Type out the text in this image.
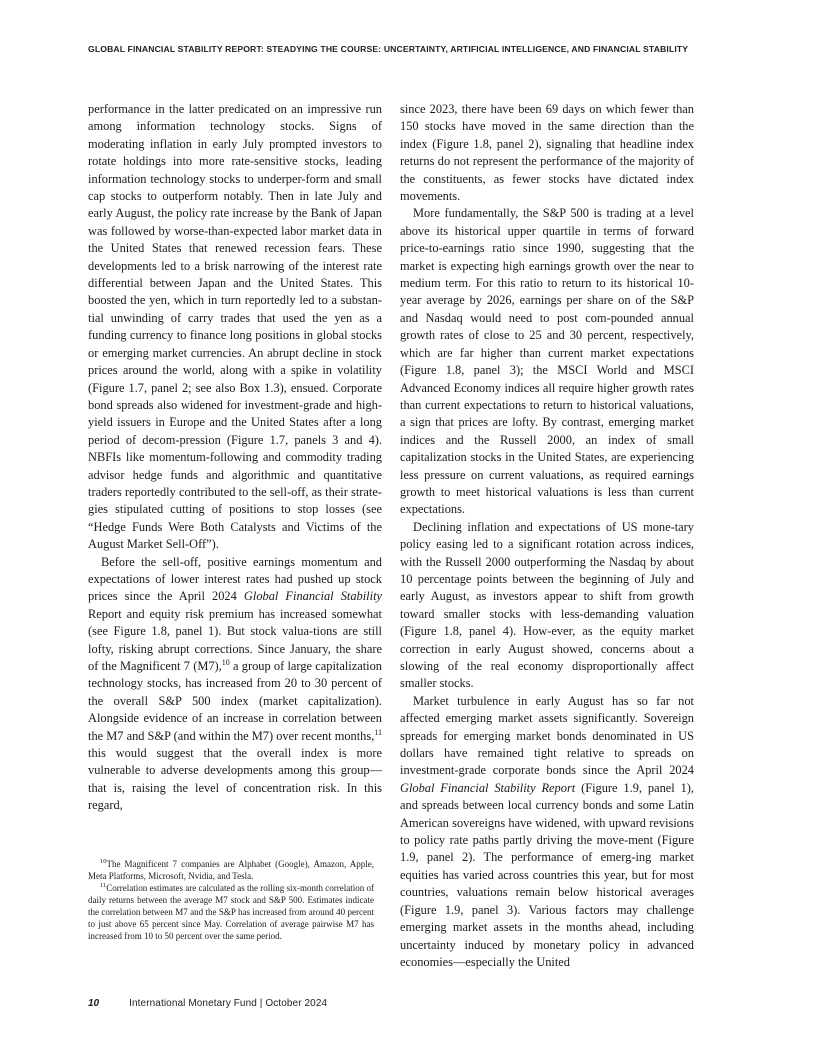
GLOBAL FINANCIAL STABILITY REPORT: STEADYING THE COURSE: UNCERTAINTY, ARTIFICIAL INTELLIGENCE, AND FINANCIAL STABILITY

performance in the latter predicated on an impressive run among information technology stocks. Signs of moderating inflation in early July prompted investors to rotate holdings into more rate-sensitive stocks, leading information technology stocks to underper-form and small cap stocks to outperform notably. Then in late July and early August, the policy rate increase by the Bank of Japan was followed by worse-than-expected labor market data in the United States that renewed recession fears. These developments led to a brisk narrowing of the interest rate differential between Japan and the United States. This boosted the yen, which in turn reportedly led to a substan-tial unwinding of carry trades that used the yen as a funding currency to finance long positions in global stocks or emerging market currencies. An abrupt decline in stock prices around the world, along with a spike in volatility (Figure 1.7, panel 2; see also Box 1.3), ensued. Corporate bond spreads also widened for investment-grade and high-yield issuers in Europe and the United States after a long period of decom-pression (Figure 1.7, panels 3 and 4). NBFIs like momentum-following and commodity trading advisor hedge funds and algorithmic and quantitative traders reportedly contributed to the sell-off, as their strate-gies stipulated cutting of positions to stop losses (see “Hedge Funds Were Both Catalysts and Victims of the August Market Sell-Off”).

Before the sell-off, positive earnings momentum and expectations of lower interest rates had pushed up stock prices since the April 2024 Global Financial Stability Report and equity risk premium has increased somewhat (see Figure 1.8, panel 1). But stock valua-tions are still lofty, risking abrupt corrections. Since January, the share of the Magnificent 7 (M7),$^{10}$ a group of large capitalization technology stocks, has increased from 20 to 30 percent of the overall S&P 500 index (market capitalization). Alongside evidence of an increase in correlation between the M7 and S&P (and within the M7) over recent months,$^{11}$ this would suggest that the overall index is more vulnerable to adverse developments among this group—that is, raising the level of concentration risk. In this regard,

$^{10}$The Magnificent 7 companies are Alphabet (Google), Amazon, Apple, Meta Platforms, Microsoft, Nvidia, and Tesla.

$^{11}$Correlation estimates are calculated as the rolling six-month correlation of daily returns between the average M7 stock and S&P 500. Estimates indicate the correlation between M7 and the S&P has increased from around 40 percent to just above 65 percent since May. Correlation of average pairwise M7 has increased from 10 to 50 percent over the same period.

since 2023, there have been 69 days on which fewer than 150 stocks have moved in the same direction than the index (Figure 1.8, panel 2), signaling that headline index returns do not represent the performance of the majority of the constituents, as fewer stocks have dictated index movements.

More fundamentally, the S&P 500 is trading at a level above its historical upper quartile in terms of forward price-to-earnings ratio since 1990, suggesting that the market is expecting high earnings growth over the near to medium term. For this ratio to return to its historical 10-year average by 2026, earnings per share on of the S&P and Nasdaq would need to post com-pounded annual growth rates of close to 25 and 30 percent, respectively, which are far higher than current market expectations (Figure 1.8, panel 3); the MSCI World and MSCI Advanced Economy indices all require higher growth rates than current expectations to return to historical valuations, a sign that prices are lofty. By contrast, emerging market indices and the Russell 2000, an index of small capitalization stocks in the United States, are experiencing less pressure on current valuations, as required earnings growth to meet historical valuations is less than current expectations.

Declining inflation and expectations of US mone-tary policy easing led to a significant rotation across indices, with the Russell 2000 outperforming the Nasdaq by about 10 percentage points between the beginning of July and early August, as investors appear to shift from growth toward smaller stocks with less-demanding valuation (Figure 1.8, panel 4). How-ever, as the equity market correction in early August showed, concerns about a slowing of the real economy disproportionally affect smaller stocks.

Market turbulence in early August has so far not affected emerging market assets significantly. Sovereign spreads for emerging market bonds denominated in US dollars have remained tight relative to spreads on investment-grade corporate bonds since the April 2024 Global Financial Stability Report (Figure 1.9, panel 1), and spreads between local currency bonds and some Latin American sovereigns have widened, with upward revisions to policy rate paths partly driving the move-ment (Figure 1.9, panel 2). The performance of emerg-ing market equities has varied across countries this year, but for most countries, valuations remain below historical averages (Figure 1.9, panel 3). Various factors may challenge emerging market assets in the months ahead, including uncertainty induced by monetary policy in advanced economies—especially the United

10	International Monetary Fund | October 2024
